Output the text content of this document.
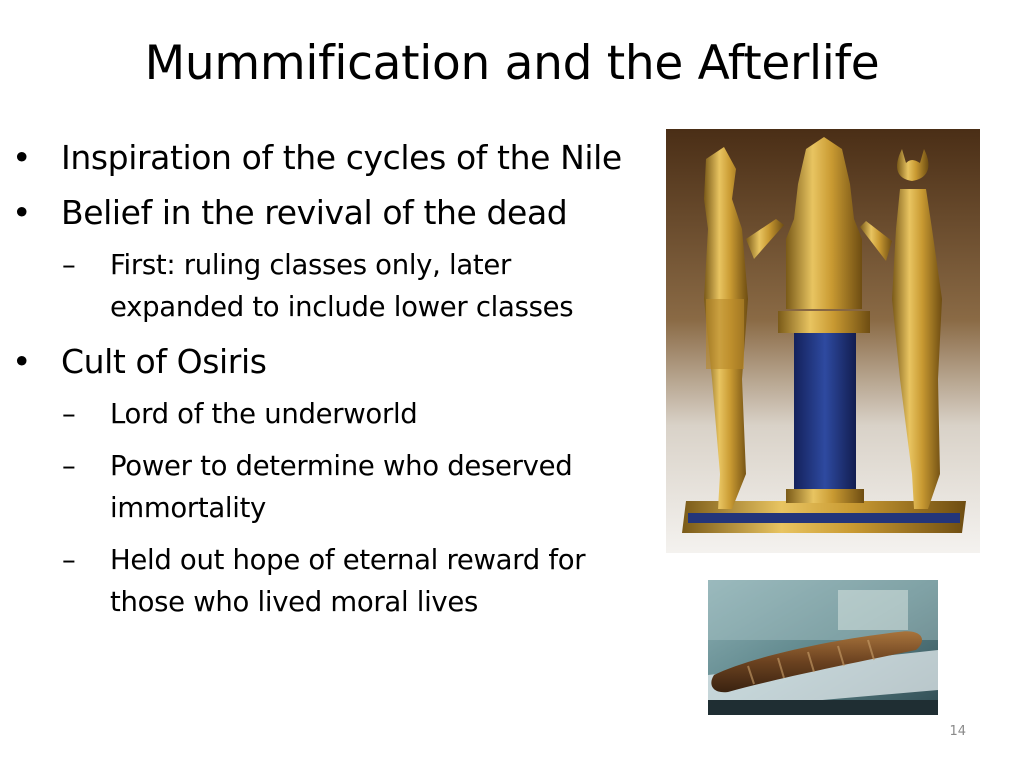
Mummification and the Afterlife
• Inspiration of the cycles of the Nile
• Belief in the revival of the dead
– First: ruling classes only, later expanded to include lower classes
• Cult of Osiris
– Lord of the underworld
– Power to determine who deserved immortality
– Held out hope of eternal reward for those who lived moral lives
14
